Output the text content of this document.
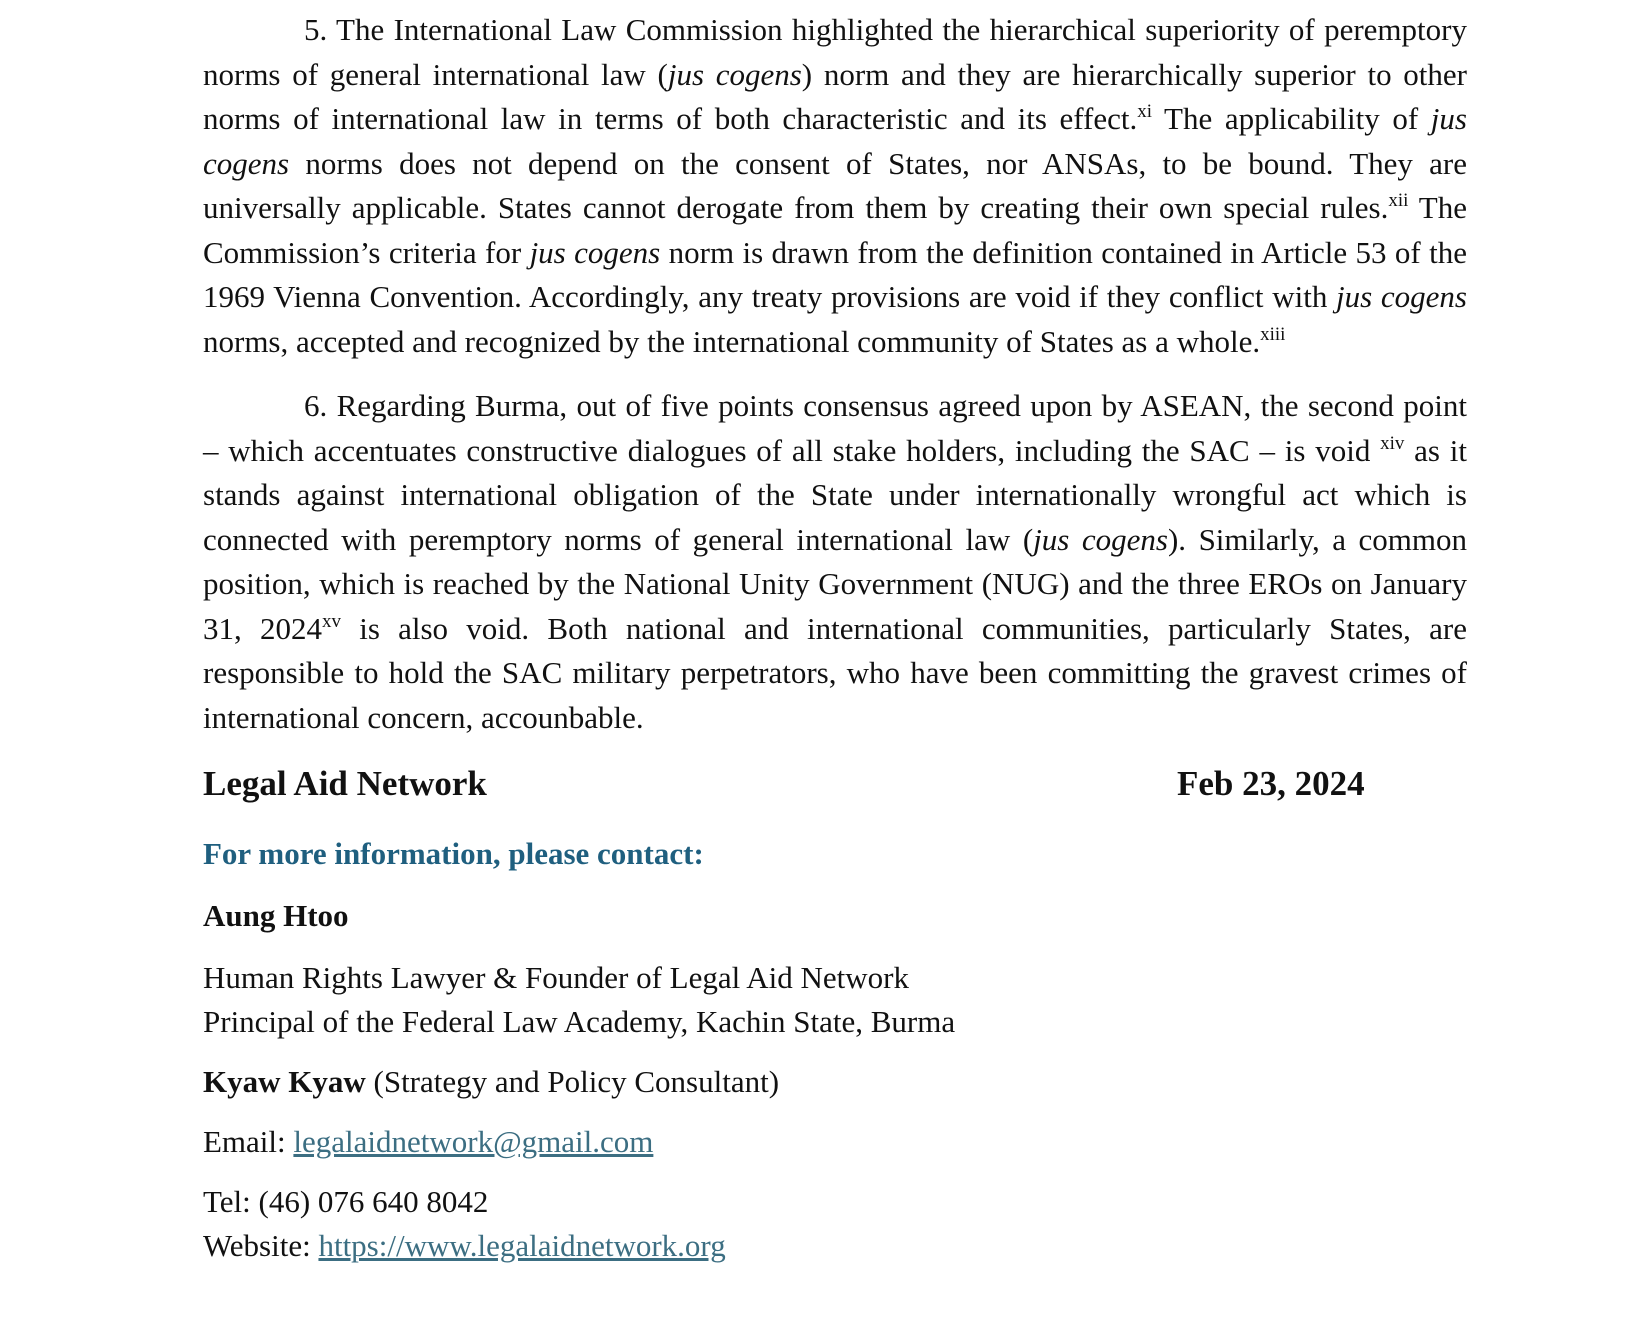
5. The International Law Commission highlighted the hierarchical superiority of peremptory norms of general international law (jus cogens) norm and they are hierarchically superior to other norms of international law in terms of both characteristic and its effect.$^{xi}$ The applicability of jus cogens norms does not depend on the consent of States, nor ANSAs, to be bound. They are universally applicable. States cannot derogate from them by creating their own special rules.$^{xii}$ The Commission’s criteria for jus cogens norm is drawn from the definition contained in Article 53 of the 1969 Vienna Convention. Accordingly, any treaty provisions are void if they conflict with jus cogens norms, accepted and recognized by the international community of States as a whole.$^{xiii}$

6. Regarding Burma, out of five points consensus agreed upon by ASEAN, the second point – which accentuates constructive dialogues of all stake holders, including the SAC – is void $^{xiv}$ as it stands against international obligation of the State under internationally wrongful act which is connected with peremptory norms of general international law (jus cogens). Similarly, a common position, which is reached by the National Unity Government (NUG) and the three EROs on January 31, 2024$^{xv}$ is also void. Both national and international communities, particularly States, are responsible to hold the SAC military perpetrators, who have been committing the gravest crimes of international concern, accounbable.

Legal Aid Network	Feb 23, 2024
For more information, please contact:
Aung Htoo
Human Rights Lawyer & Founder of Legal Aid Network
Principal of the Federal Law Academy, Kachin State, Burma
Kyaw Kyaw (Strategy and Policy Consultant)
Email: legalaidnetwork@gmail.com
Tel: (46) 076 640 8042
Website: https://www.legalaidnetwork.org
